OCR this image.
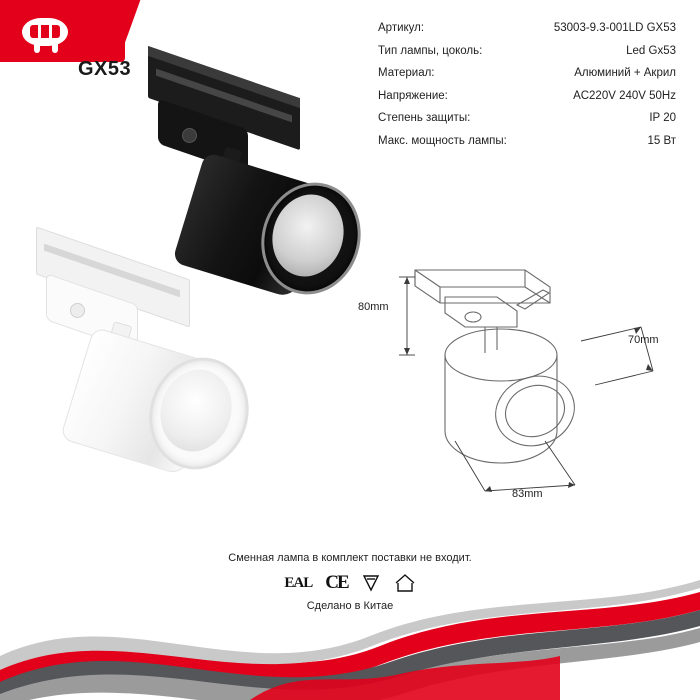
GX53
Артикул:	53003-9.3-001LD GX53
Тип лампы, цоколь:	Led Gx53
Материал:	Алюминий + Акрил
Напряжение:	AC220V 240V 50Hz
Степень защиты:	IP 20
Макс. мощность лампы:	15 Вт
80mm
70mm
83mm
Сменная лампа в комплект поставки не входит.
EAL CE
Сделано в Китае
